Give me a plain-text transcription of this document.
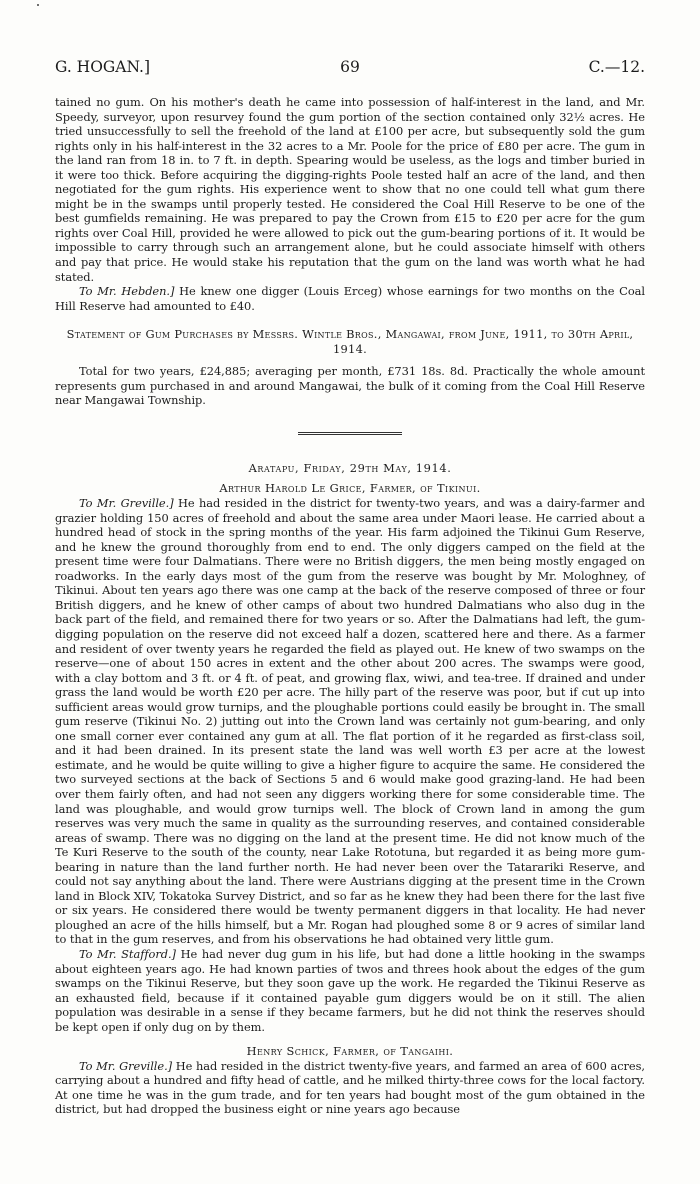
G. HOGAN.]	69	C.—12.

tained no gum. On his mother's death he came into possession of half-interest in the land, and Mr. Speedy, surveyor, upon resurvey found the gum portion of the section contained only 32½ acres. He tried unsuccessfully to sell the freehold of the land at £100 per acre, but subsequently sold the gum rights only in his half-interest in the 32 acres to a Mr. Poole for the price of £80 per acre. The gum in the land ran from 18 in. to 7 ft. in depth. Spearing would be useless, as the logs and timber buried in it were too thick. Before acquiring the digging-rights Poole tested half an acre of the land, and then negotiated for the gum rights. His experience went to show that no one could tell what gum there might be in the swamps until properly tested. He considered the Coal Hill Reserve to be one of the best gumfields remaining. He was prepared to pay the Crown from £15 to £20 per acre for the gum rights over Coal Hill, provided he were allowed to pick out the gum-bearing portions of it. It would be impossible to carry through such an arrangement alone, but he could associate himself with others and pay that price. He would stake his reputation that the gum on the land was worth what he had stated.

To Mr. Hebden.] He knew one digger (Louis Erceg) whose earnings for two months on the Coal Hill Reserve had amounted to £40.

Statement of Gum Purchases by Messrs. Wintle Bros., Mangawai, from June, 1911, to 30th April, 1914.

Total for two years, £24,885; averaging per month, £731 18s. 8d. Practically the whole amount represents gum purchased in and around Mangawai, the bulk of it coming from the Coal Hill Reserve near Mangawai Township.

Aratapu, Friday, 29th May, 1914.

Arthur Harold Le Grice, Farmer, of Tikinui.

To Mr. Greville.] He had resided in the district for twenty-two years, and was a dairy-farmer and grazier holding 150 acres of freehold and about the same area under Maori lease. He carried about a hundred head of stock in the spring months of the year. His farm adjoined the Tikinui Gum Reserve, and he knew the ground thoroughly from end to end. The only diggers camped on the field at the present time were four Dalmatians. There were no British diggers, the men being mostly engaged on roadworks. In the early days most of the gum from the reserve was bought by Mr. Mologhney, of Tikinui. About ten years ago there was one camp at the back of the reserve composed of three or four British diggers, and he knew of other camps of about two hundred Dalmatians who also dug in the back part of the field, and remained there for two years or so. After the Dalmatians had left, the gum-digging population on the reserve did not exceed half a dozen, scattered here and there. As a farmer and resident of over twenty years he regarded the field as played out. He knew of two swamps on the reserve—one of about 150 acres in extent and the other about 200 acres. The swamps were good, with a clay bottom and 3 ft. or 4 ft. of peat, and growing flax, wiwi, and tea-tree. If drained and under grass the land would be worth £20 per acre. The hilly part of the reserve was poor, but if cut up into sufficient areas would grow turnips, and the ploughable portions could easily be brought in. The small gum reserve (Tikinui No. 2) jutting out into the Crown land was certainly not gum-bearing, and only one small corner ever contained any gum at all. The flat portion of it he regarded as first-class soil, and it had been drained. In its present state the land was well worth £3 per acre at the lowest estimate, and he would be quite willing to give a higher figure to acquire the same. He considered the two surveyed sections at the back of Sections 5 and 6 would make good grazing-land. He had been over them fairly often, and had not seen any diggers working there for some considerable time. The land was ploughable, and would grow turnips well. The block of Crown land in among the gum reserves was very much the same in quality as the surrounding reserves, and contained considerable areas of swamp. There was no digging on the land at the present time. He did not know much of the Te Kuri Reserve to the south of the county, near Lake Rototuna, but regarded it as being more gum-bearing in nature than the land further north. He had never been over the Tatarariki Reserve, and could not say anything about the land. There were Austrians digging at the present time in the Crown land in Block XIV, Tokatoka Survey District, and so far as he knew they had been there for the last five or six years. He considered there would be twenty permanent diggers in that locality. He had never ploughed an acre of the hills himself, but a Mr. Rogan had ploughed some 8 or 9 acres of similar land to that in the gum reserves, and from his observations he had obtained very little gum.

To Mr. Stafford.] He had never dug gum in his life, but had done a little hooking in the swamps about eighteen years ago. He had known parties of twos and threes hook about the edges of the gum swamps on the Tikinui Reserve, but they soon gave up the work. He regarded the Tikinui Reserve as an exhausted field, because if it contained payable gum diggers would be on it still. The alien population was desirable in a sense if they became farmers, but he did not think the reserves should be kept open if only dug on by them.

Henry Schick, Farmer, of Tangaihi.

To Mr. Greville.] He had resided in the district twenty-five years, and farmed an area of 600 acres, carrying about a hundred and fifty head of cattle, and he milked thirty-three cows for the local factory. At one time he was in the gum trade, and for ten years had bought most of the gum obtained in the district, but had dropped the business eight or nine years ago because
